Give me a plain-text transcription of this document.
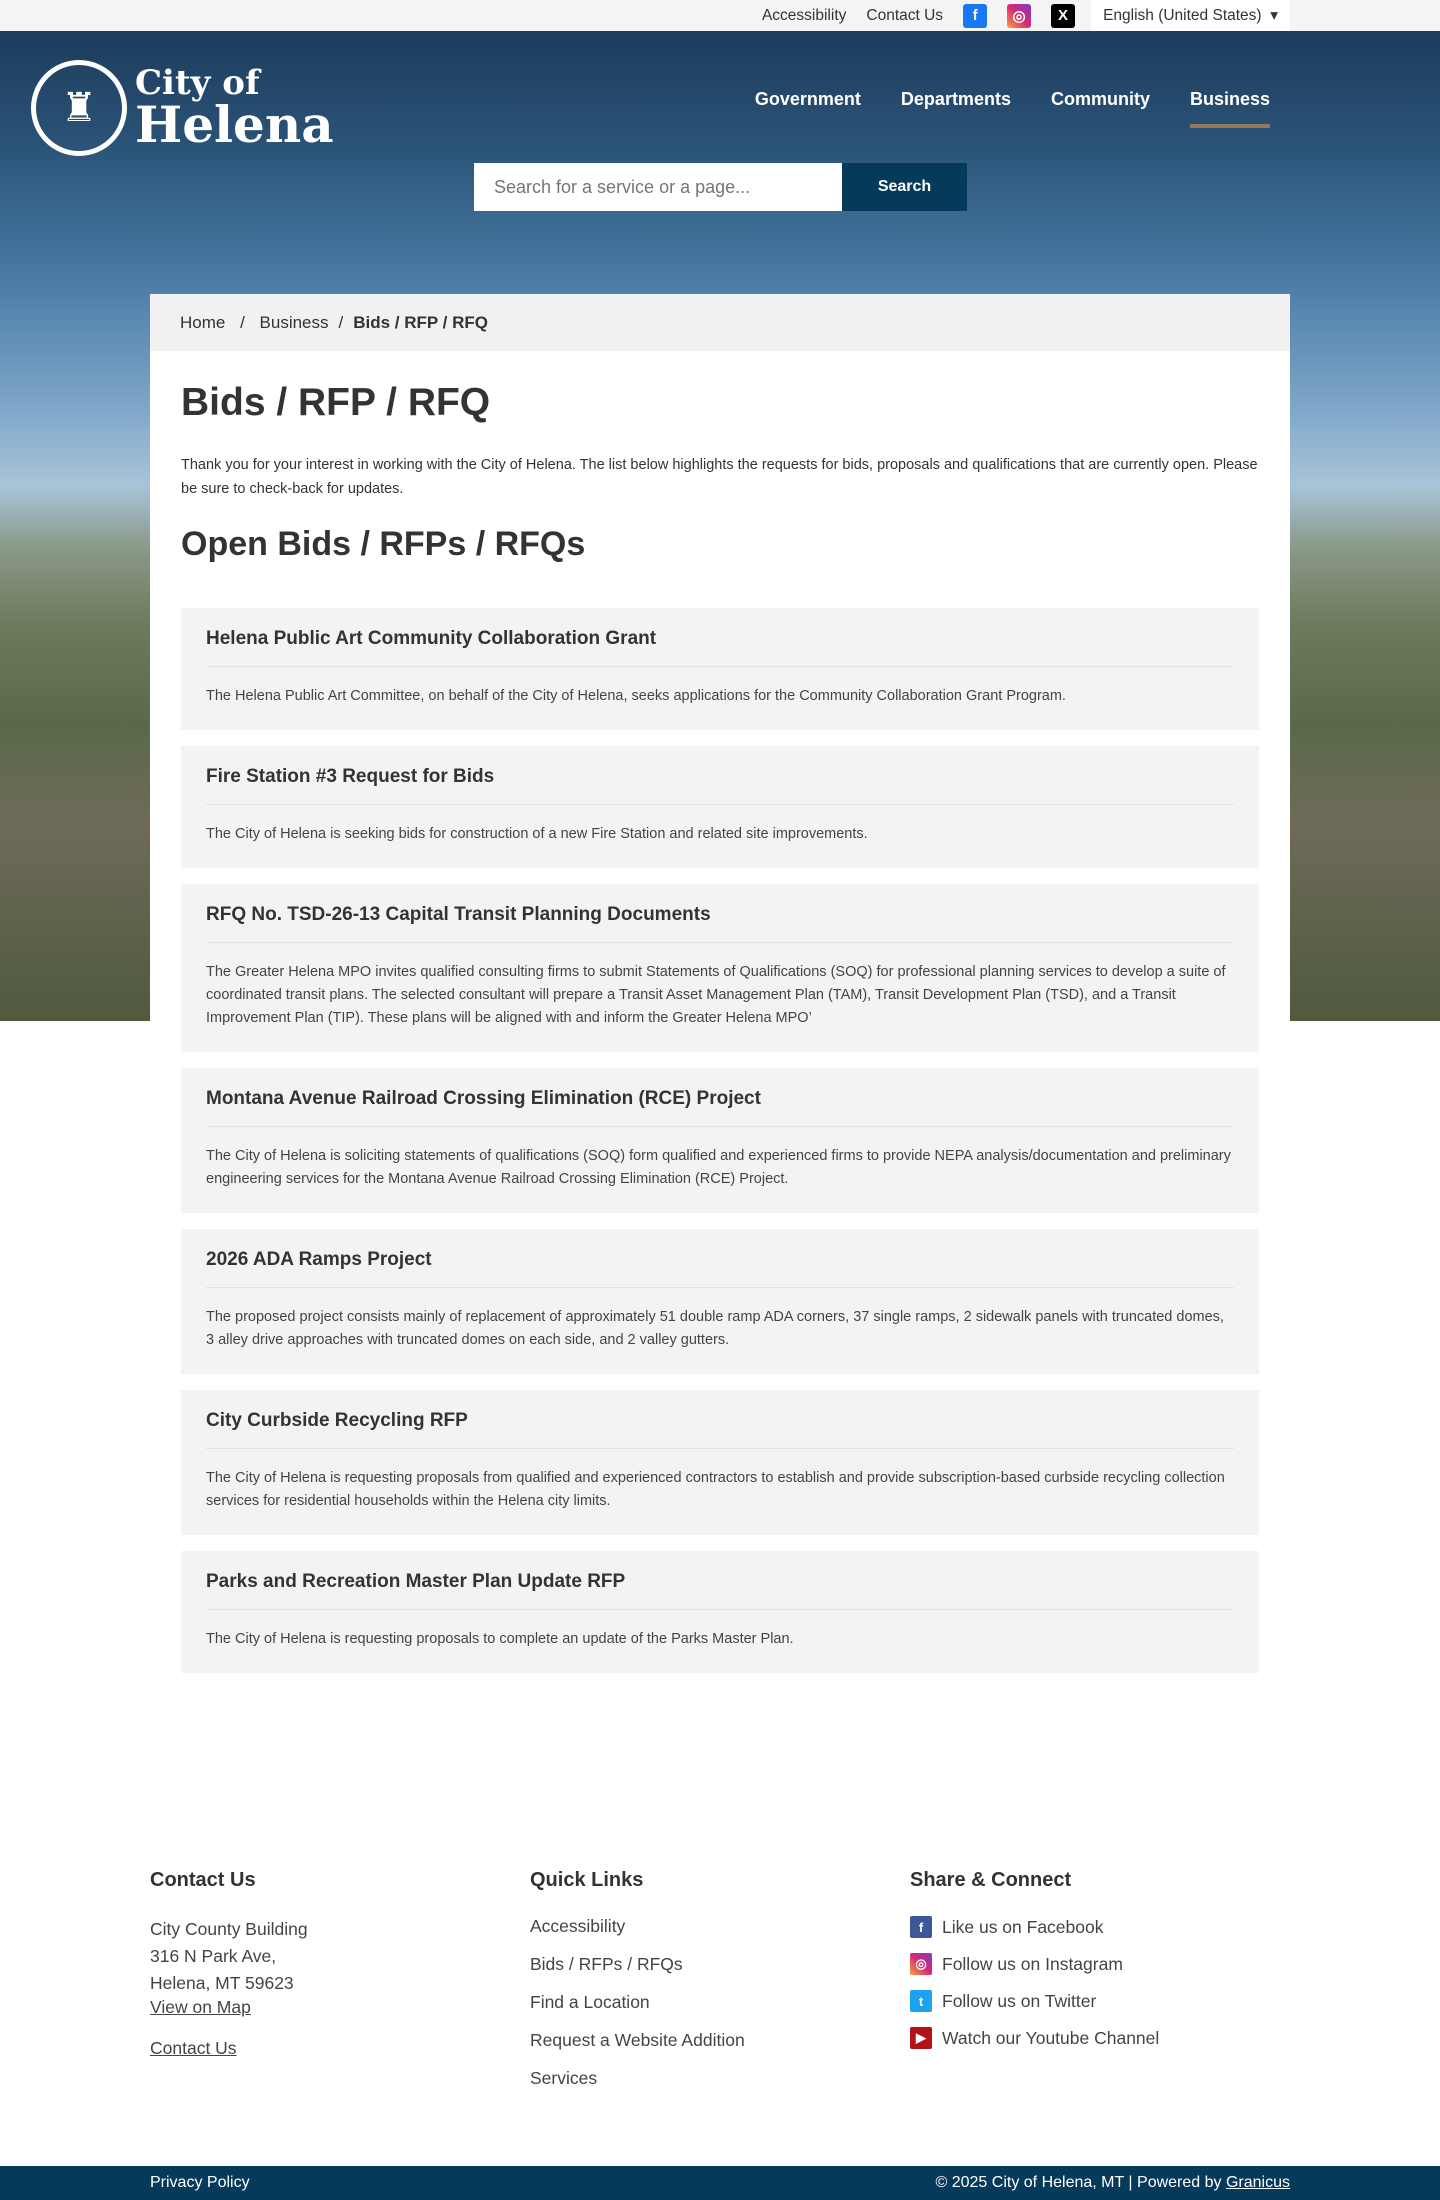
Accessibility Contact Us	f	◎	X	English (United States)
▾
♜
City of
Helena	Government Departments Community Business
Search for a service or a page...
Search
Home / Business / Bids / RFP / RFQ
Bids / RFP / RFQ

Thank you for your interest in working with the City of Helena. The list below highlights the requests for bids, proposals and qualifications that are currently open. Please be sure to check-back for updates.

Open Bids / RFPs / RFQs
Helena Public Art Community Collaboration Grant

The Helena Public Art Committee, on behalf of the City of Helena, seeks applications for the Community Collaboration Grant Program.

Fire Station #3 Request for Bids

The City of Helena is seeking bids for construction of a new Fire Station and related site improvements.

RFQ No. TSD-26-13 Capital Transit Planning Documents

The Greater Helena MPO invites qualified consulting firms to submit Statements of Qualifications (SOQ) for professional planning services to develop a suite of coordinated transit plans. The selected consultant will prepare a Transit Asset Management Plan (TAM), Transit Development Plan (TSD), and a Transit Improvement Plan (TIP). These plans will be aligned with and inform the Greater Helena MPO’

Montana Avenue Railroad Crossing Elimination (RCE) Project

The City of Helena is soliciting statements of qualifications (SOQ) form qualified and experienced firms to provide NEPA analysis/documentation and preliminary engineering services for the Montana Avenue Railroad Crossing Elimination (RCE) Project.

2026 ADA Ramps Project

The proposed project consists mainly of replacement of approximately 51 double ramp ADA corners, 37 single ramps, 2 sidewalk panels with truncated domes, 3 alley drive approaches with truncated domes on each side, and 2 valley gutters.

City Curbside Recycling RFP

The City of Helena is requesting proposals from qualified and experienced contractors to establish and provide subscription-based curbside recycling collection services for residential households within the Helena city limits.

Parks and Recreation Master Plan Update RFP

The City of Helena is requesting proposals to complete an update of the Parks Master Plan.

Contact Us
City County Building
316 N Park Ave,
Helena, MT 59623
View on Map
Contact Us
Quick Links
Accessibility
Bids / RFPs / RFQs
Find a Location
Request a Website Addition
Services
Share & Connect
f	Like us on Facebook
◎ Follow us on Instagram
t	Follow us on Twitter
▶ Watch our Youtube Channel
Privacy Policy	© 2025 City of Helena, MT | Powered by Granicus
